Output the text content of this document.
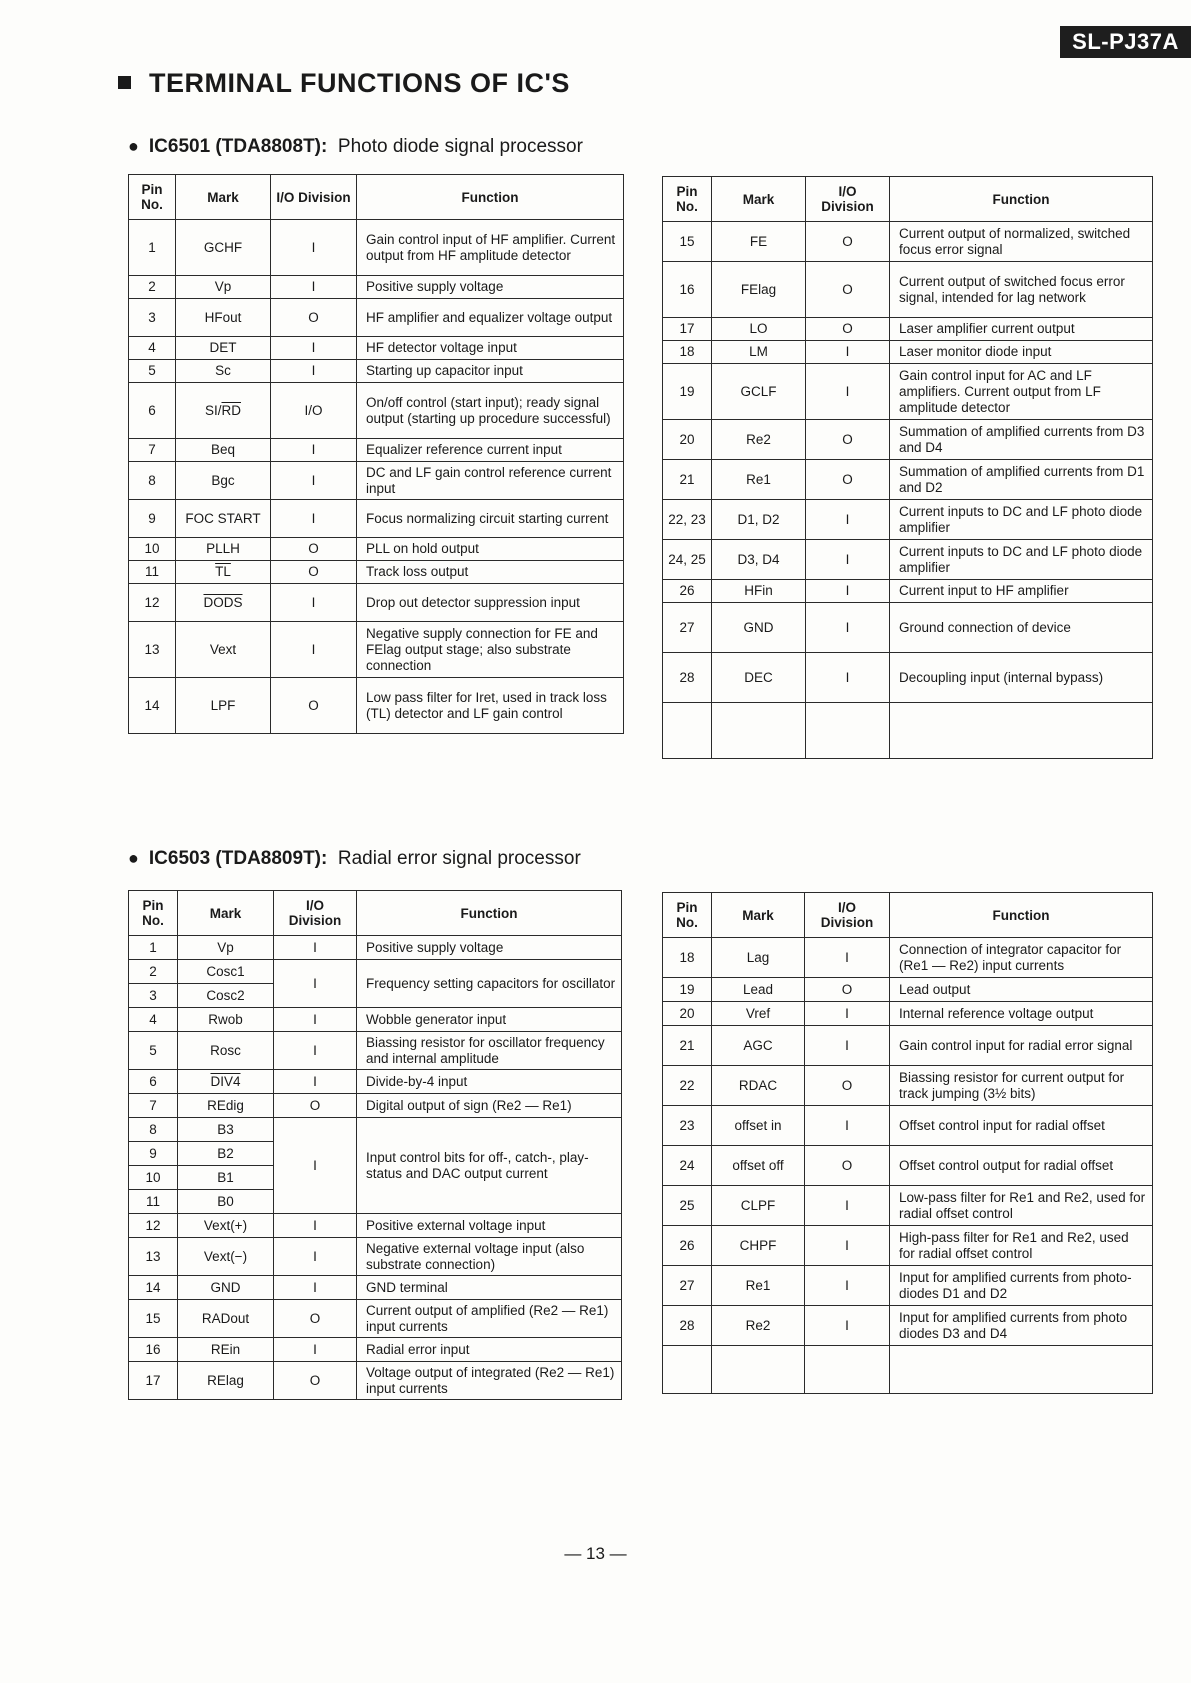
SL-PJ37A
TERMINAL FUNCTIONS OF IC'S
● IC6501 (TDA8808T): Photo diode signal processor
Pin No.	Mark	I/O Division	Function
1	GCHF	I	Gain control input of HF amplifier. Current output from HF amplitude detector
2	Vp	I	Positive supply voltage
3	HFout	O	HF amplifier and equalizer voltage output
4	DET	I	HF detector voltage input
5	Sc	I	Starting up capacitor input
6	$SI/\overline{RD}$	I/O	On/off control (start input); ready signal output (starting up procedure successful)
7	Beq	I	Equalizer reference current input
8	Bgc	I	DC and LF gain control reference current input
9	FOC START	I	Focus normalizing circuit starting current
10	PLLH	O	PLL on hold output
11	$\overline{TL}$	O	Track loss output
12	DODS	I	Drop out detector suppression input
13	Vext	I	Negative supply connection for FE and FElag output stage; also substrate connection
14	LPF	O	Low pass filter for Iret, used in track loss (TL) detector and LF gain control
Pin No.	Mark	I/O Division	Function
15	FE	O	Current output of normalized, switched focus error signal
16	FElag	O	Current output of switched focus error signal, intended for lag network
17	LO	O	Laser amplifier current output
18	LM	I	Laser monitor diode input
19	GCLF	I	Gain control input for AC and LF amplifiers. Current output from LF amplitude detector
20	Re2	O	Summation of amplified currents from D3 and D4
21	Re1	O	Summation of amplified currents from D1 and D2
22, 23	D1, D2	I	Current inputs to DC and LF photo diode amplifier
24, 25	D3, D4	I	Current inputs to DC and LF photo diode amplifier
26	HFin	I	Current input to HF amplifier
27	GND	I	Ground connection of device
28	DEC	I	Decoupling input (internal bypass)

● IC6503 (TDA8809T): Radial error signal processor
Pin No.	Mark	I/O Division	Function
1	Vp	I	Positive supply voltage
2	Cosc1	I	Frequency setting capacitors for oscillator
3	Cosc2		
4	Rwob	I	Wobble generator input
5	Rosc	I	Biassing resistor for oscillator frequency and internal amplitude
6	DIV4	I	Divide-by-4 input
7	REdig	O	Digital output of sign (Re2 — Re1)
8	B3	I	Input control bits for off-, catch-, play-status and DAC output current
9	B2		
10	B1		
11	B0		
12	Vext(+)	I	Positive external voltage input
13	Vext(−)	I	Negative external voltage input (also substrate connection)
14	GND	I	GND terminal
15	RADout	O	Current output of amplified (Re2 — Re1) input currents
16	REin	I	Radial error input
17	RElag	O	Voltage output of integrated (Re2 — Re1) input currents
Pin No.	Mark	I/O Division	Function
18	Lag	I	Connection of integrator capacitor for (Re1 — Re2) input currents
19	Lead	O	Lead output
20	Vref	I	Internal reference voltage output
21	AGC	I	Gain control input for radial error signal
22	RDAC	O	Biassing resistor for current output for track jumping (3½ bits)
23	offset in	I	Offset control input for radial offset
24	offset off	O	Offset control output for radial offset
25	CLPF	I	Low-pass filter for Re1 and Re2, used for radial offset control
26	CHPF	I	High-pass filter for Re1 and Re2, used for radial offset control
27	Re1	I	Input for amplified currents from photo-diodes D1 and D2
28	Re2	I	Input for amplified currents from photo diodes D3 and D4

— 13 —
